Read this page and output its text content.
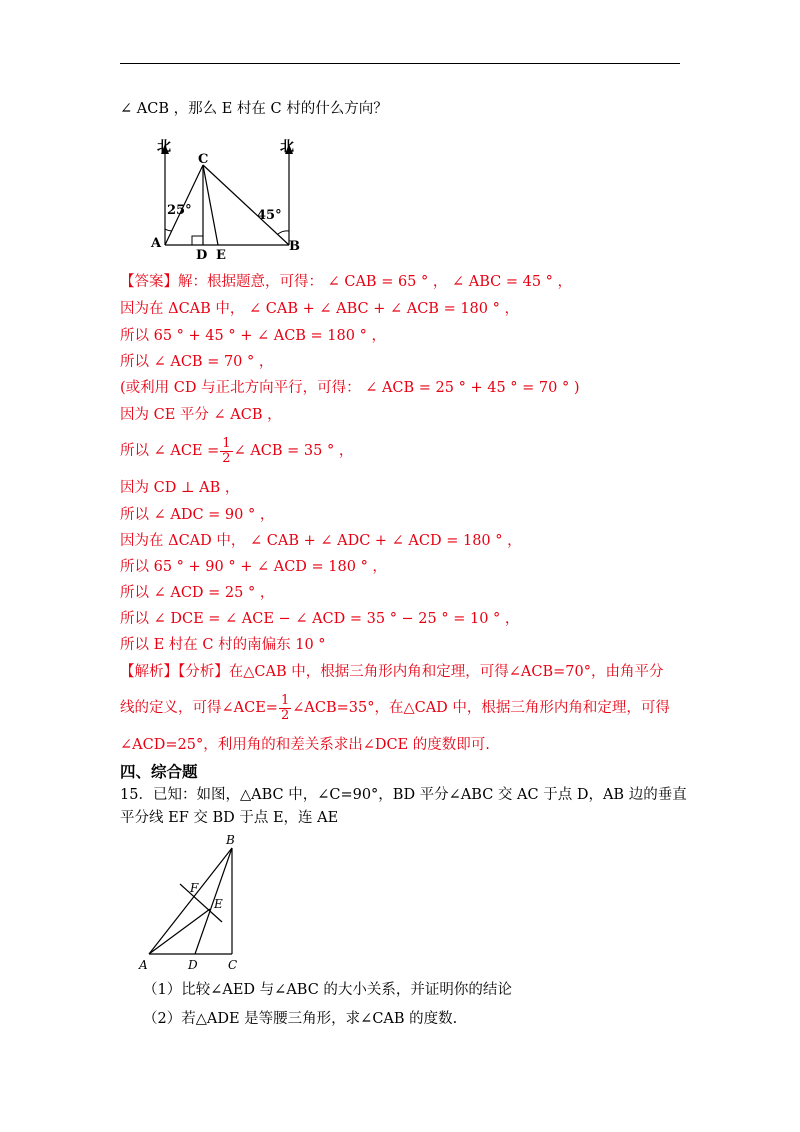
∠ ACB ，那么 E 村在 C 村的什么方向？
北	北
C
A	B
D E
25°	45°
【答案】解：根据题意，可得： ∠ CAB = 65 ° ， ∠ ABC = 45 ° ，
因为在 ΔCAB 中， ∠ CAB + ∠ ABC + ∠ ACB = 180 ° ，
所以 65 ° + 45 ° + ∠ ACB = 180 ° ，
所以 ∠ ACB = 70 ° ，
(或利用 CD 与正北方向平行，可得： ∠ ACB = 25 ° + 45 ° = 70 ° )
因为 CE 平分 ∠ ACB ，
所以 ∠ ACE = $\frac{1}{2}$ ∠ ACB = 35 ° ，
因为 CD ⊥ AB ，
所以 ∠ ADC = 90 ° ，
因为在 ΔCAD 中， ∠ CAB + ∠ ADC + ∠ ACD = 180 ° ，
所以 65 ° + 90 ° + ∠ ACD = 180 ° ，
所以 ∠ ACD = 25 ° ，
所以 ∠ DCE = ∠ ACE − ∠ ACD = 35 ° − 25 ° = 10 ° ，
所以 E 村在 C 村的南偏东 10 °
【解析】【分析】在△CAB 中，根据三角形内角和定理，可得∠ACB=70°，由角平分
线的定义，可得∠ACE= $\frac{1}{2}$ ∠ACB=35°，在△CAD 中，根据三角形内角和定理，可得
∠ACD=25°，利用角的和差关系求出∠DCE 的度数即可.
四、综合题
15．已知：如图，△ABC 中，∠C=90°，BD 平分∠ABC 交 AC 于点 D，AB 边的垂直
平分线 EF 交 BD 于点 E，连 AE
B
F
E
A	D	C
（1）比较∠AED 与∠ABC 的大小关系，并证明你的结论
（2）若△ADE 是等腰三角形，求∠CAB 的度数.
